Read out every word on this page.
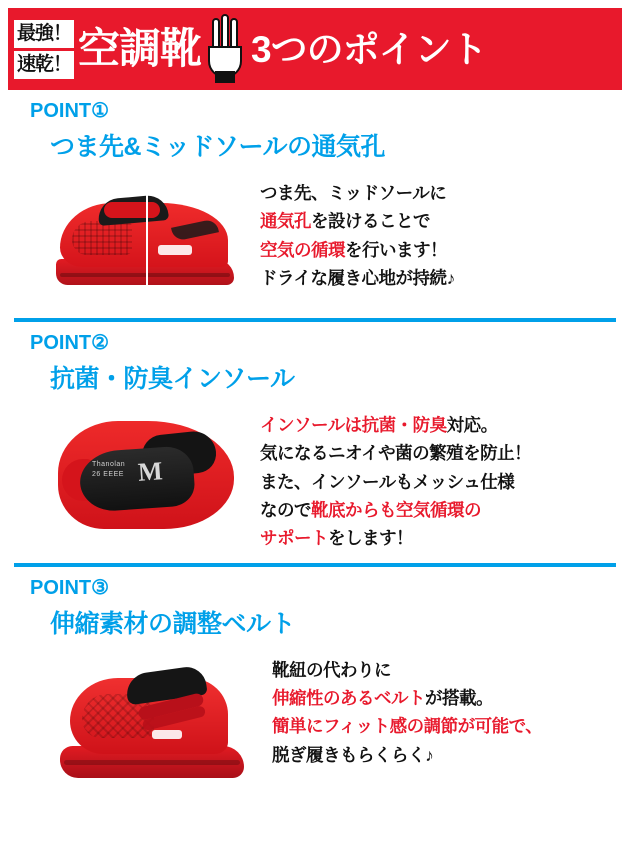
最強！
速乾！ 空調靴 3つのポイント
POINT①
つま先&ミッドソールの通気孔
つま先、ミッドソールに
通気孔を設けることで
空気の循環を行います！
ドライな履き心地が持続♪
POINT②
抗菌・防臭インソール
Thanolan
26 EEEE M
インソールは抗菌・防臭対応。
気になるニオイや菌の繁殖を防止！
また、インソールもメッシュ仕様
なので靴底からも空気循環の
サポートをします！
POINT③
伸縮素材の調整ベルト
靴紐の代わりに
伸縮性のあるベルトが搭載。
簡単にフィット感の調節が可能で、
脱ぎ履きもらくらく♪
